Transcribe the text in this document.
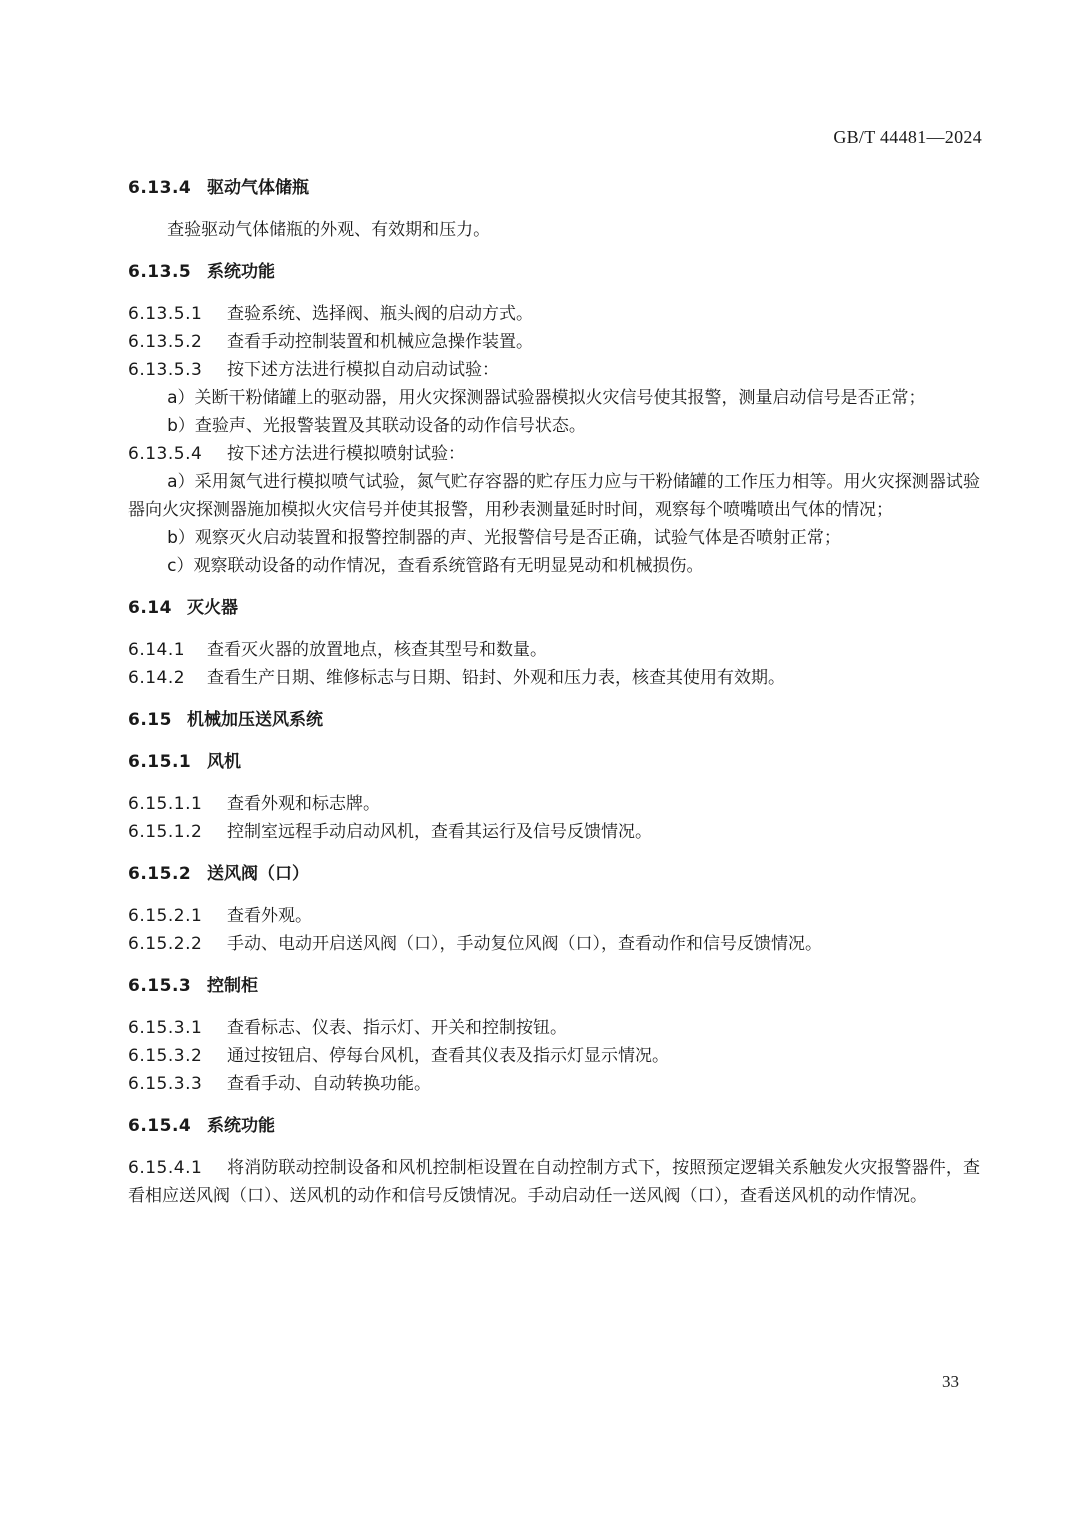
GB/T 44481—2024
6.13.4 驱动气体储瓶
查验驱动气体储瓶的外观、有效期和压力。
6.13.5 系统功能
6.13.5.1 查验系统、选择阀、瓶头阀的启动方式。
6.13.5.2 查看手动控制装置和机械应急操作装置。
6.13.5.3 按下述方法进行模拟自动启动试验：
a）关断干粉储罐上的驱动器，用火灾探测器试验器模拟火灾信号使其报警，测量启动信号是否正常；
b）查验声、光报警装置及其联动设备的动作信号状态。
6.13.5.4 按下述方法进行模拟喷射试验：
a）采用氮气进行模拟喷气试验，氮气贮存容器的贮存压力应与干粉储罐的工作压力相等。用火灾探测器试验器向火灾探测器施加模拟火灾信号并使其报警，用秒表测量延时时间，观察每个喷嘴喷出气体的情况；
b）观察灭火启动装置和报警控制器的声、光报警信号是否正确，试验气体是否喷射正常；
c）观察联动设备的动作情况，查看系统管路有无明显晃动和机械损伤。
6.14 灭火器
6.14.1 查看灭火器的放置地点，核查其型号和数量。
6.14.2 查看生产日期、维修标志与日期、铅封、外观和压力表，核查其使用有效期。
6.15 机械加压送风系统
6.15.1 风机
6.15.1.1 查看外观和标志牌。
6.15.1.2 控制室远程手动启动风机，查看其运行及信号反馈情况。
6.15.2 送风阀（口）
6.15.2.1 查看外观。
6.15.2.2 手动、电动开启送风阀（口），手动复位风阀（口），查看动作和信号反馈情况。
6.15.3 控制柜
6.15.3.1 查看标志、仪表、指示灯、开关和控制按钮。
6.15.3.2 通过按钮启、停每台风机，查看其仪表及指示灯显示情况。
6.15.3.3 查看手动、自动转换功能。
6.15.4 系统功能
6.15.4.1 将消防联动控制设备和风机控制柜设置在自动控制方式下，按照预定逻辑关系触发火灾报警器件，查看相应送风阀（口）、送风机的动作和信号反馈情况。手动启动任一送风阀（口），查看送风机的动作情况。
33
